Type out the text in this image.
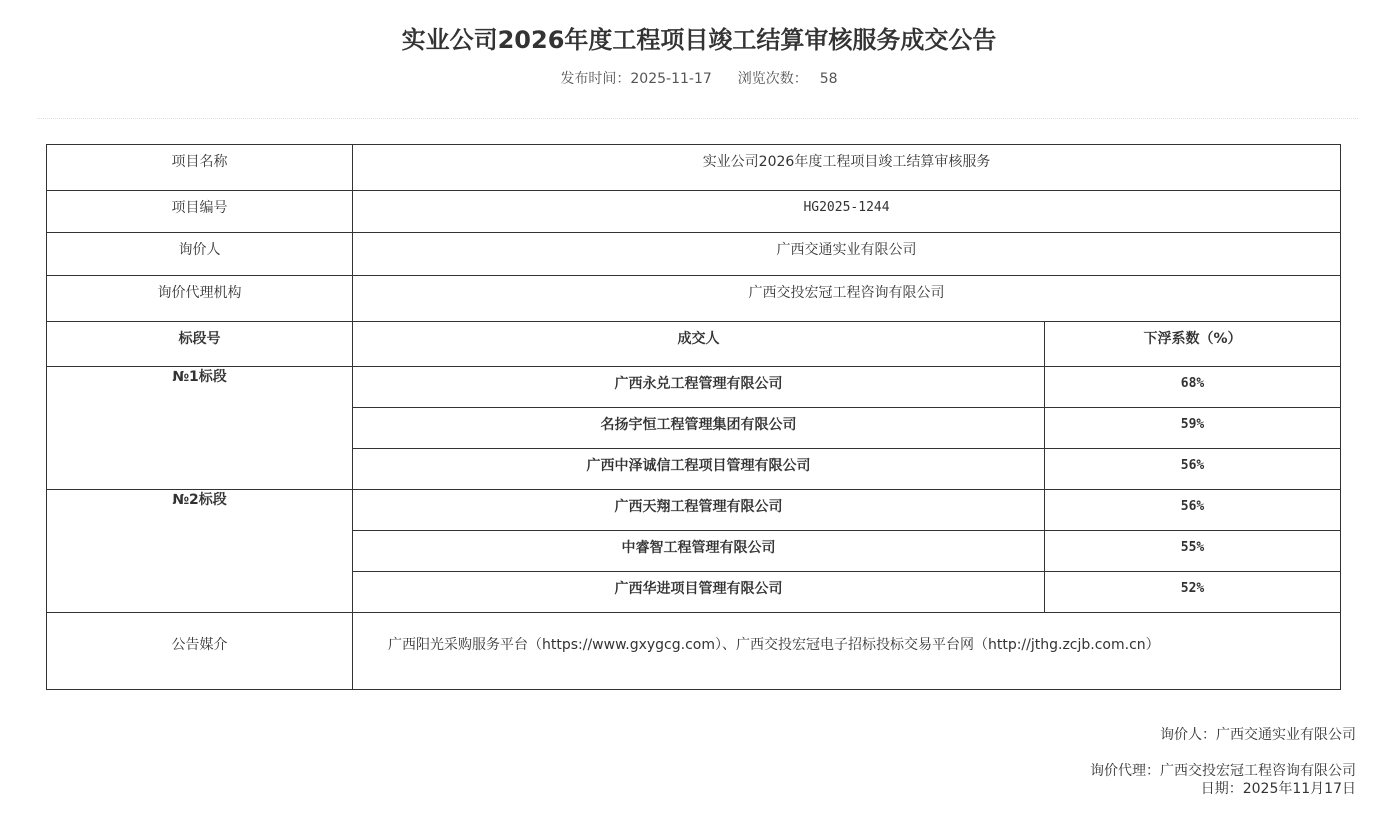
实业公司2026年度工程项目竣工结算审核服务成交公告
发布时间：2025-11-17 浏览次数： 58
项目名称	实业公司2026年度工程项目竣工结算审核服务	

项目编号	HG2025-1244	

询价人	广西交通实业有限公司	

询价代理机构	广西交投宏冠工程咨询有限公司	

标段号	成交人	下浮系数（%）

№1标段	广西永兑工程管理有限公司	68%

	名扬宇恒工程管理集团有限公司	59%

	广西中泽诚信工程项目管理有限公司	56%

№2标段	广西天翔工程管理有限公司	56%

	中睿智工程管理有限公司	55%

	广西华进项目管理有限公司	52%

公告媒介	广西阳光采购服务平台（https://www.gxygcg.com）、广西交投宏冠电子招标投标交易平台网（http://jthg.zcjb.com.cn）	
询价人：广西交通实业有限公司
询价代理：广西交投宏冠工程咨询有限公司
日期：2025年11月17日
